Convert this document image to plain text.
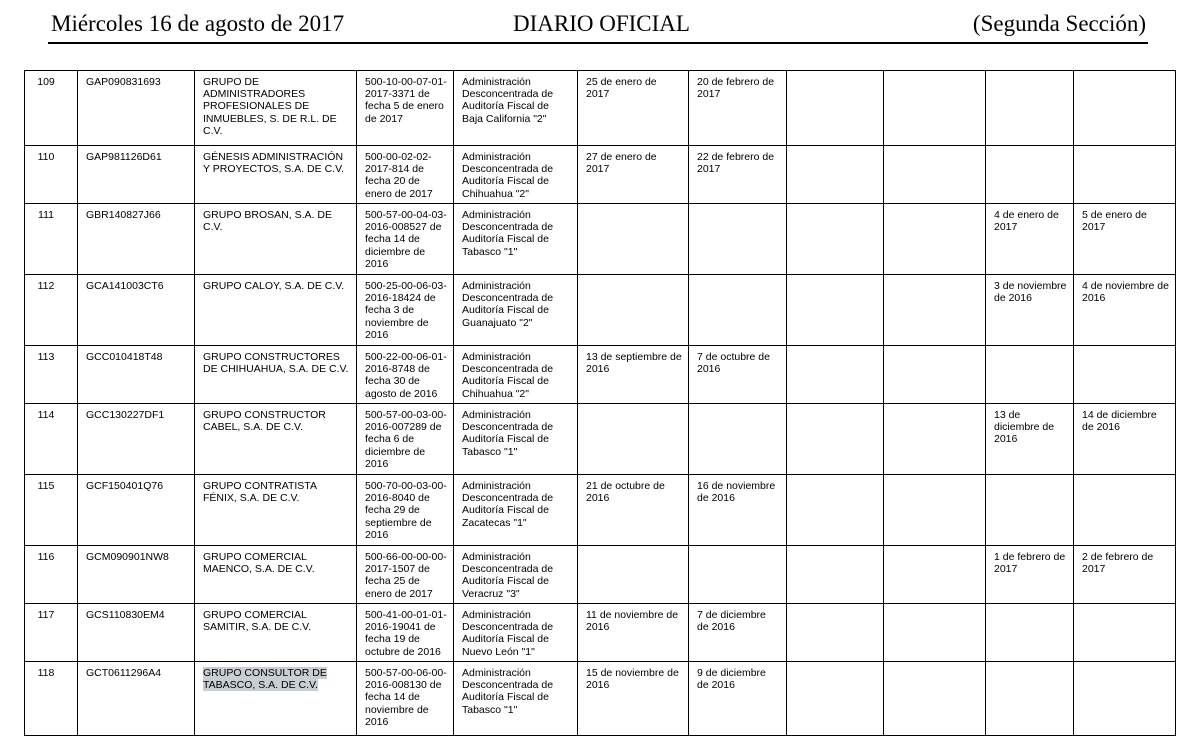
Miércoles 16 de agosto de 2017	DIARIO OFICIAL	(Segunda Sección)
109	GAP090831693	GRUPO DE ADMINISTRADORES PROFESIONALES DE INMUEBLES, S. DE R.L. DE C.V.	500-10-00-07-01-2017-3371 de fecha 5 de enero de 2017	Administración Desconcentrada de Auditoría Fiscal de Baja California "2"	25 de enero de 2017	20 de febrero de 2017				
110	GAP981126D61	GÉNESIS ADMINISTRACIÓN Y PROYECTOS, S.A. DE C.V.	500-00-02-02-2017-814 de fecha 20 de enero de 2017	Administración Desconcentrada de Auditoría Fiscal de Chihuahua "2"	27 de enero de 2017	22 de febrero de 2017				
111	GBR140827J66	GRUPO BROSAN, S.A. DE C.V.	500-57-00-04-03-2016-008527 de fecha 14 de diciembre de 2016	Administración Desconcentrada de Auditoría Fiscal de Tabasco "1"					4 de enero de 2017	5 de enero de 2017
112	GCA141003CT6	GRUPO CALOY, S.A. DE C.V.	500-25-00-06-03-2016-18424 de fecha 3 de noviembre de 2016	Administración Desconcentrada de Auditoría Fiscal de Guanajuato "2"					3 de noviembre de 2016	4 de noviembre de 2016
113	GCC010418T48	GRUPO CONSTRUCTORES DE CHIHUAHUA, S.A. DE C.V.	500-22-00-06-01-2016-8748 de fecha 30 de agosto de 2016	Administración Desconcentrada de Auditoría Fiscal de Chihuahua "2"	13 de septiembre de 2016	7 de octubre de 2016				
114	GCC130227DF1	GRUPO CONSTRUCTOR CABEL, S.A. DE C.V.	500-57-00-03-00-2016-007289 de fecha 6 de diciembre de 2016	Administración Desconcentrada de Auditoría Fiscal de Tabasco "1"					13 de diciembre de 2016	14 de diciembre de 2016
115	GCF150401Q76	GRUPO CONTRATISTA FÉNIX, S.A. DE C.V.	500-70-00-03-00-2016-8040 de fecha 29 de septiembre de 2016	Administración Desconcentrada de Auditoría Fiscal de Zacatecas "1"	21 de octubre de 2016	16 de noviembre de 2016				
116	GCM090901NW8	GRUPO COMERCIAL MAENCO, S.A. DE C.V.	500-66-00-00-00-2017-1507 de fecha 25 de enero de 2017	Administración Desconcentrada de Auditoría Fiscal de Veracruz "3"					1 de febrero de 2017	2 de febrero de 2017
117	GCS110830EM4	GRUPO COMERCIAL SAMITIR, S.A. DE C.V.	500-41-00-01-01-2016-19041 de fecha 19 de octubre de 2016	Administración Desconcentrada de Auditoría Fiscal de Nuevo León "1"	11 de noviembre de 2016	7 de diciembre de 2016				
118	GCT0611296A4	GRUPO CONSULTOR DE TABASCO, S.A. DE C.V.	500-57-00-06-00-2016-008130 de fecha 14 de noviembre de 2016	Administración Desconcentrada de Auditoría Fiscal de Tabasco "1"	15 de noviembre de 2016	9 de diciembre de 2016				
